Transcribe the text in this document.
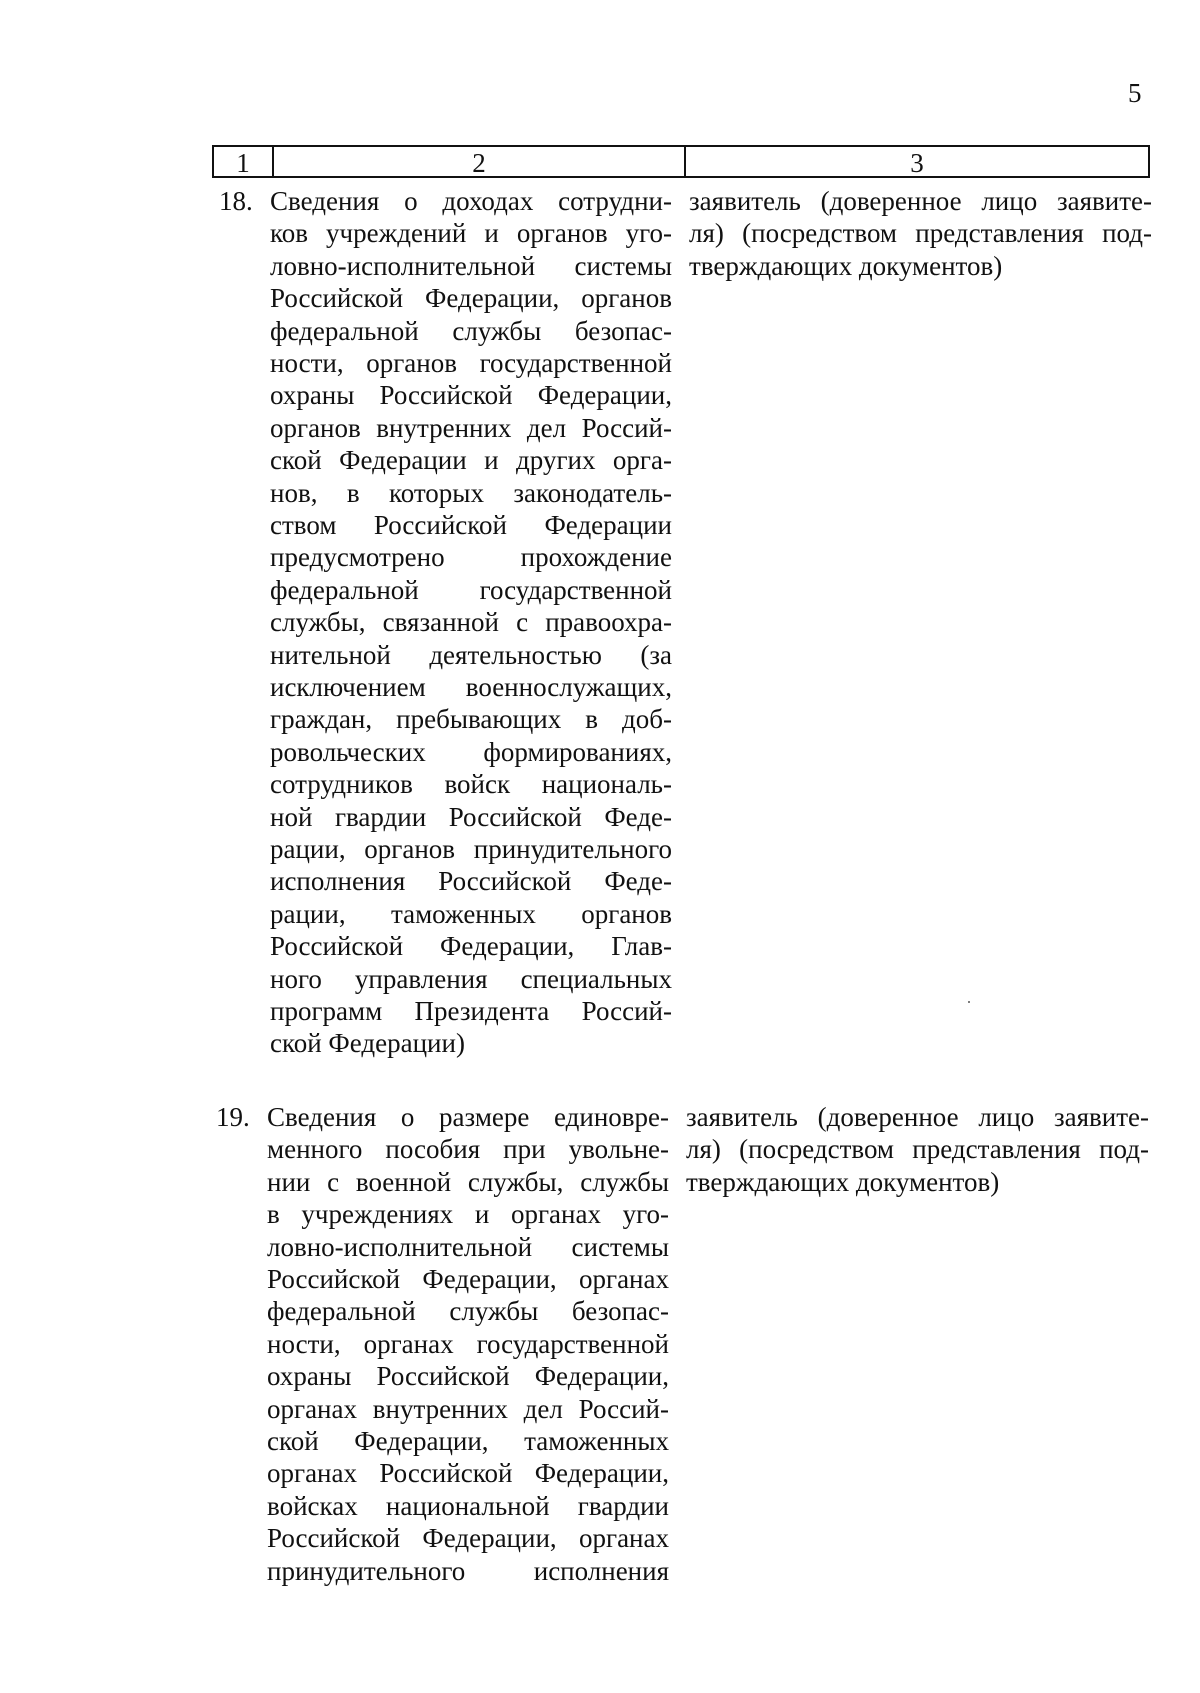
5
1	2	3
18. Сведения о доходах сотрудни-
ков учреждений и органов уго-
ловно-исполнительной системы
Российской Федерации, органов
федеральной службы безопас-
ности, органов государственной
охраны Российской Федерации,
органов внутренних дел Россий-
ской Федерации и других орга-
нов, в которых законодатель-
ством Российской Федерации
предусмотрено прохождение
федеральной государственной
службы, связанной с правоохра-
нительной деятельностью (за
исключением военнослужащих,
граждан, пребывающих в доб-
ровольческих формированиях,
сотрудников войск националь-
ной гвардии Российской Феде-
рации, органов принудительного
исполнения Российской Феде-
рации, таможенных органов
Российской Федерации, Глав-
ного управления специальных
программ Президента Россий-
ской Федерации)
заявитель (доверенное лицо заявите-
ля) (посредством представления под-
тверждающих документов)
19. Сведения о размере единовре-
менного пособия при увольне-
нии с военной службы, службы
в учреждениях и органах уго-
ловно-исполнительной системы
Российской Федерации, органах
федеральной службы безопас-
ности, органах государственной
охраны Российской Федерации,
органах внутренних дел Россий-
ской Федерации, таможенных
органах Российской Федерации,
войсках национальной гвардии
Российской Федерации, органах
принудительного исполнения
заявитель (доверенное лицо заявите-
ля) (посредством представления под-
тверждающих документов)
